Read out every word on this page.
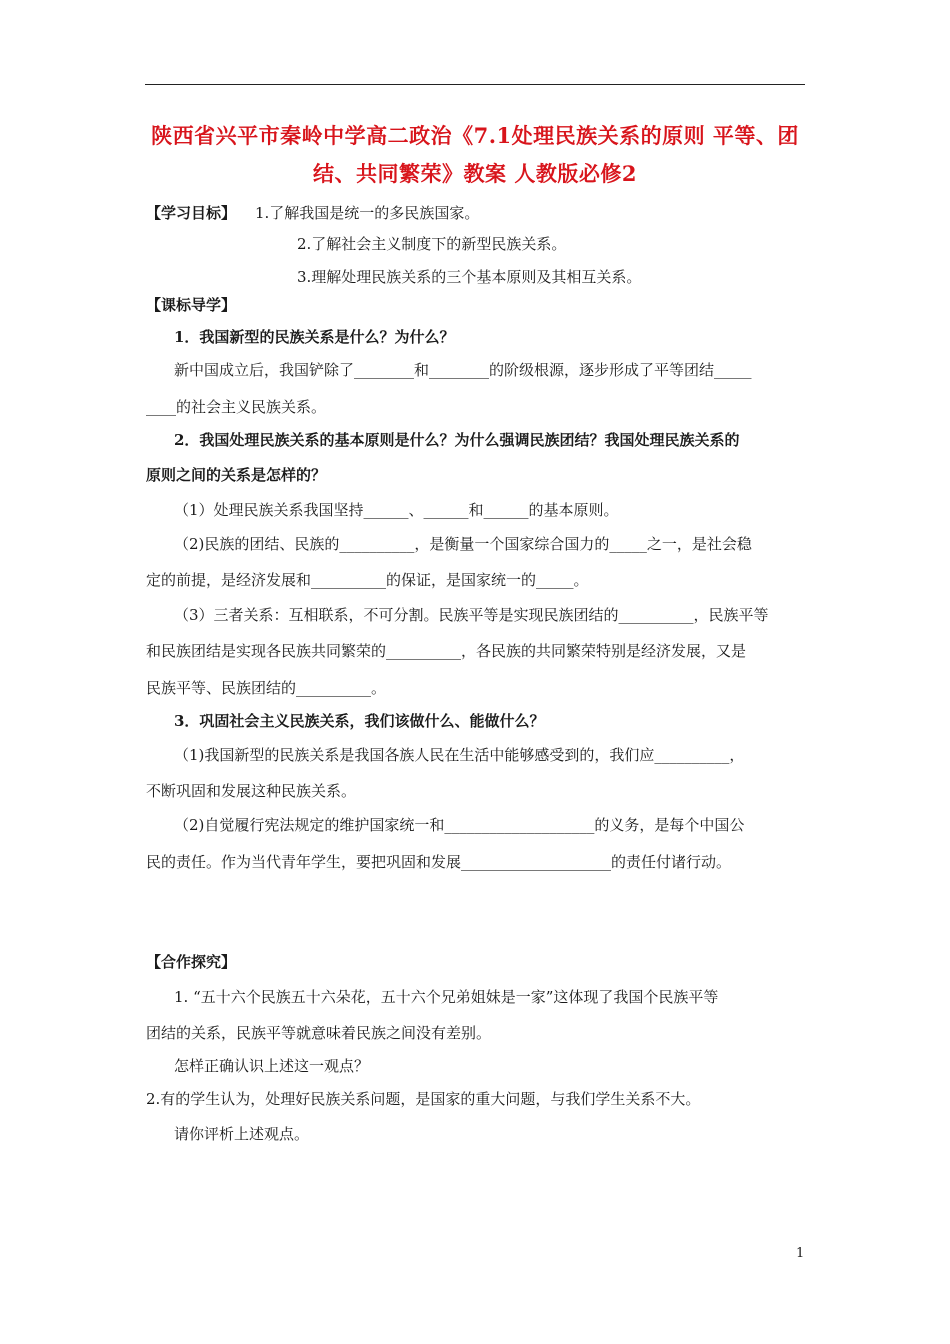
陕西省兴平市秦岭中学高二政治《7.1处理民族关系的原则 平等、团
结、共同繁荣》教案 人教版必修2
【学习目标】 1.了解我国是统一的多民族国家。
2.了解社会主义制度下的新型民族关系。
3.理解处理民族关系的三个基本原则及其相互关系。
【课标导学】
1．我国新型的民族关系是什么？为什么？
新中国成立后，我国铲除了________和________的阶级根源，逐步形成了平等团结_____
____的社会主义民族关系。
2．我国处理民族关系的基本原则是什么？为什么强调民族团结？我国处理民族关系的
原则之间的关系是怎样的？
（1）处理民族关系我国坚持______、______和______的基本原则。
（2)民族的团结、民族的__________，是衡量一个国家综合国力的_____之一，是社会稳
定的前提，是经济发展和__________的保证，是国家统一的_____。
（3）三者关系：互相联系，不可分割。民族平等是实现民族团结的__________，民族平等
和民族团结是实现各民族共同繁荣的__________，各民族的共同繁荣特别是经济发展，又是
民族平等、民族团结的__________。
3．巩固社会主义民族关系，我们该做什么、能做什么？
（1)我国新型的民族关系是我国各族人民在生活中能够感受到的，我们应__________，
不断巩固和发展这种民族关系。
（2)自觉履行宪法规定的维护国家统一和____________________的义务，是每个中国公
民的责任。作为当代青年学生，要把巩固和发展____________________的责任付诸行动。
【合作探究】
1. “五十六个民族五十六朵花，五十六个兄弟姐妹是一家”这体现了我国个民族平等
团结的关系，民族平等就意味着民族之间没有差别。
怎样正确认识上述这一观点？
2.有的学生认为，处理好民族关系问题，是国家的重大问题，与我们学生关系不大。
请你评析上述观点。
1
